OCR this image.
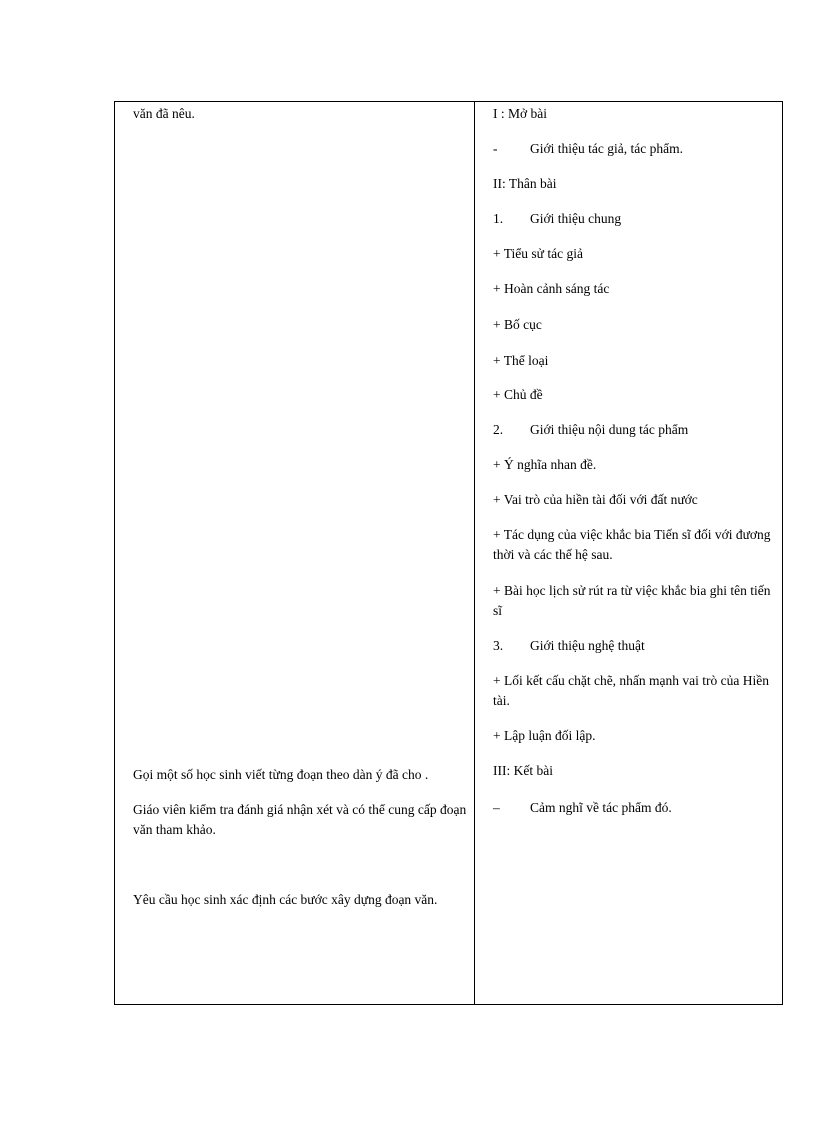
văn đã nêu.
Gọi một số học sinh viết từng đoạn theo dàn ý đã cho .
Giáo viên kiểm tra đánh giá nhận xét và có thể cung cấp đoạn văn tham khảo.
Yêu cầu học sinh xác định các bước xây dựng đoạn văn.
I : Mở bài
- Giới thiệu tác giả, tác phẩm.
II: Thân bài
1. Giới thiệu chung
+ Tiểu sử tác giả
+ Hoàn cảnh sáng tác
+ Bố cục
+ Thể loại
+ Chủ đề
2. Giới thiệu nội dung tác phẩm
+ Ý nghĩa nhan đề.
+ Vai trò của hiền tài đối với đất nước
+ Tác dụng của việc khắc bia Tiến sĩ đối với đương thời và các thế hệ sau.
+ Bài học lịch sử rút ra từ việc khắc bia ghi tên tiến sĩ
3. Giới thiệu nghệ thuật
+ Lối kết cấu chặt chẽ, nhấn mạnh vai trò của Hiền tài.
+ Lập luận đối lập.
III: Kết bài
– Cảm nghĩ về tác phẩm đó.
